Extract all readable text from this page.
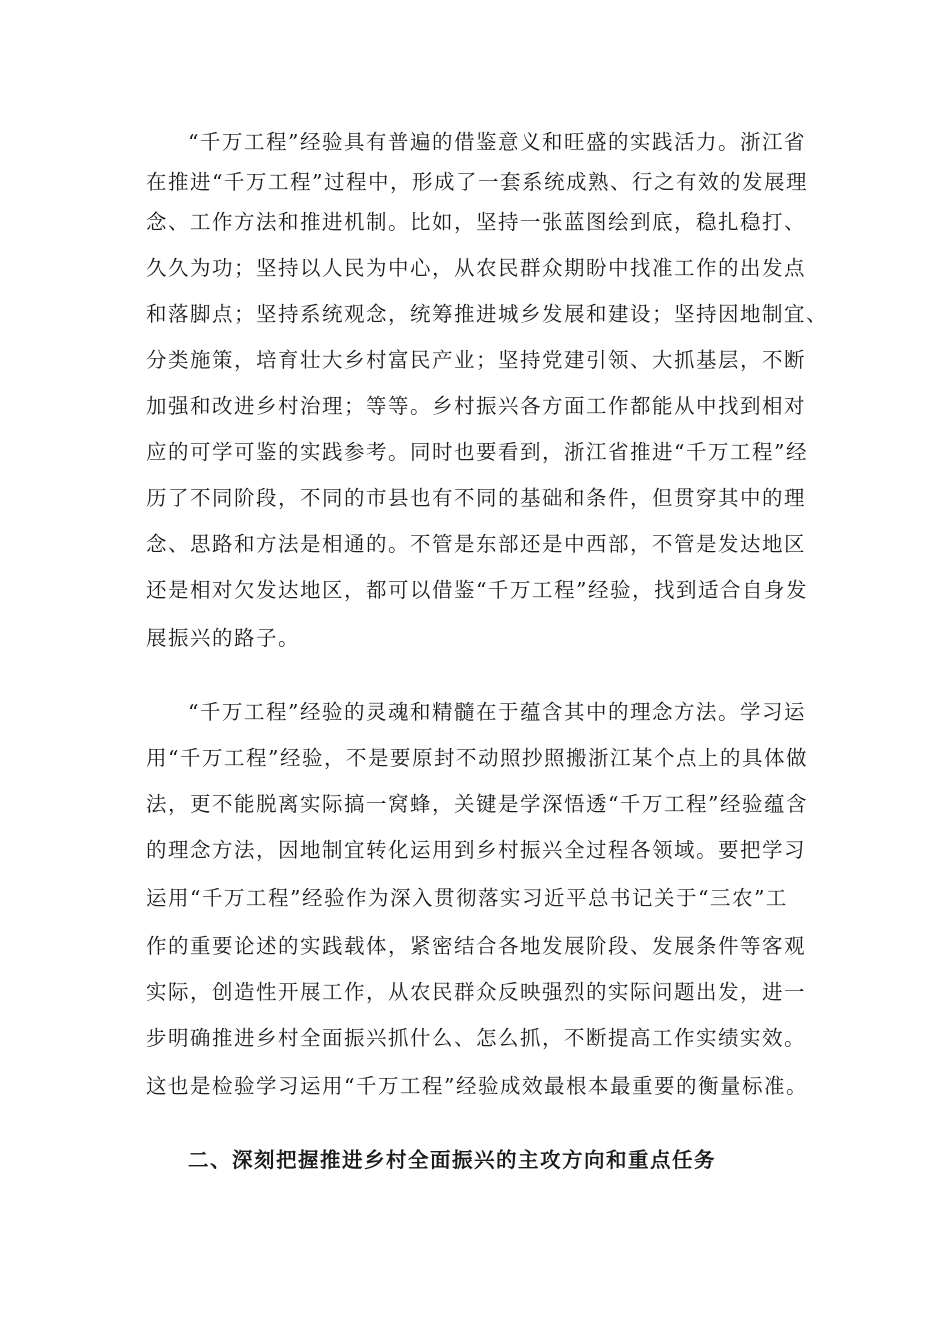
“千万工程”经验具有普遍的借鉴意义和旺盛的实践活力。浙江省
在推进“千万工程”过程中，形成了一套系统成熟、行之有效的发展理
念、工作方法和推进机制。比如，坚持一张蓝图绘到底，稳扎稳打、
久久为功；坚持以人民为中心，从农民群众期盼中找准工作的出发点
和落脚点；坚持系统观念，统筹推进城乡发展和建设；坚持因地制宜、
分类施策，培育壮大乡村富民产业；坚持党建引领、大抓基层，不断
加强和改进乡村治理；等等。乡村振兴各方面工作都能从中找到相对
应的可学可鉴的实践参考。同时也要看到，浙江省推进“千万工程”经
历了不同阶段，不同的市县也有不同的基础和条件，但贯穿其中的理
念、思路和方法是相通的。不管是东部还是中西部，不管是发达地区
还是相对欠发达地区，都可以借鉴“千万工程”经验，找到适合自身发
展振兴的路子。
“千万工程”经验的灵魂和精髓在于蕴含其中的理念方法。学习运
用“千万工程”经验，不是要原封不动照抄照搬浙江某个点上的具体做
法，更不能脱离实际搞一窝蜂，关键是学深悟透“千万工程”经验蕴含
的理念方法，因地制宜转化运用到乡村振兴全过程各领域。要把学习
运用“千万工程”经验作为深入贯彻落实习近平总书记关于“三农”工
作的重要论述的实践载体，紧密结合各地发展阶段、发展条件等客观
实际，创造性开展工作，从农民群众反映强烈的实际问题出发，进一
步明确推进乡村全面振兴抓什么、怎么抓，不断提高工作实绩实效。
这也是检验学习运用“千万工程”经验成效最根本最重要的衡量标准。
二、深刻把握推进乡村全面振兴的主攻方向和重点任务
